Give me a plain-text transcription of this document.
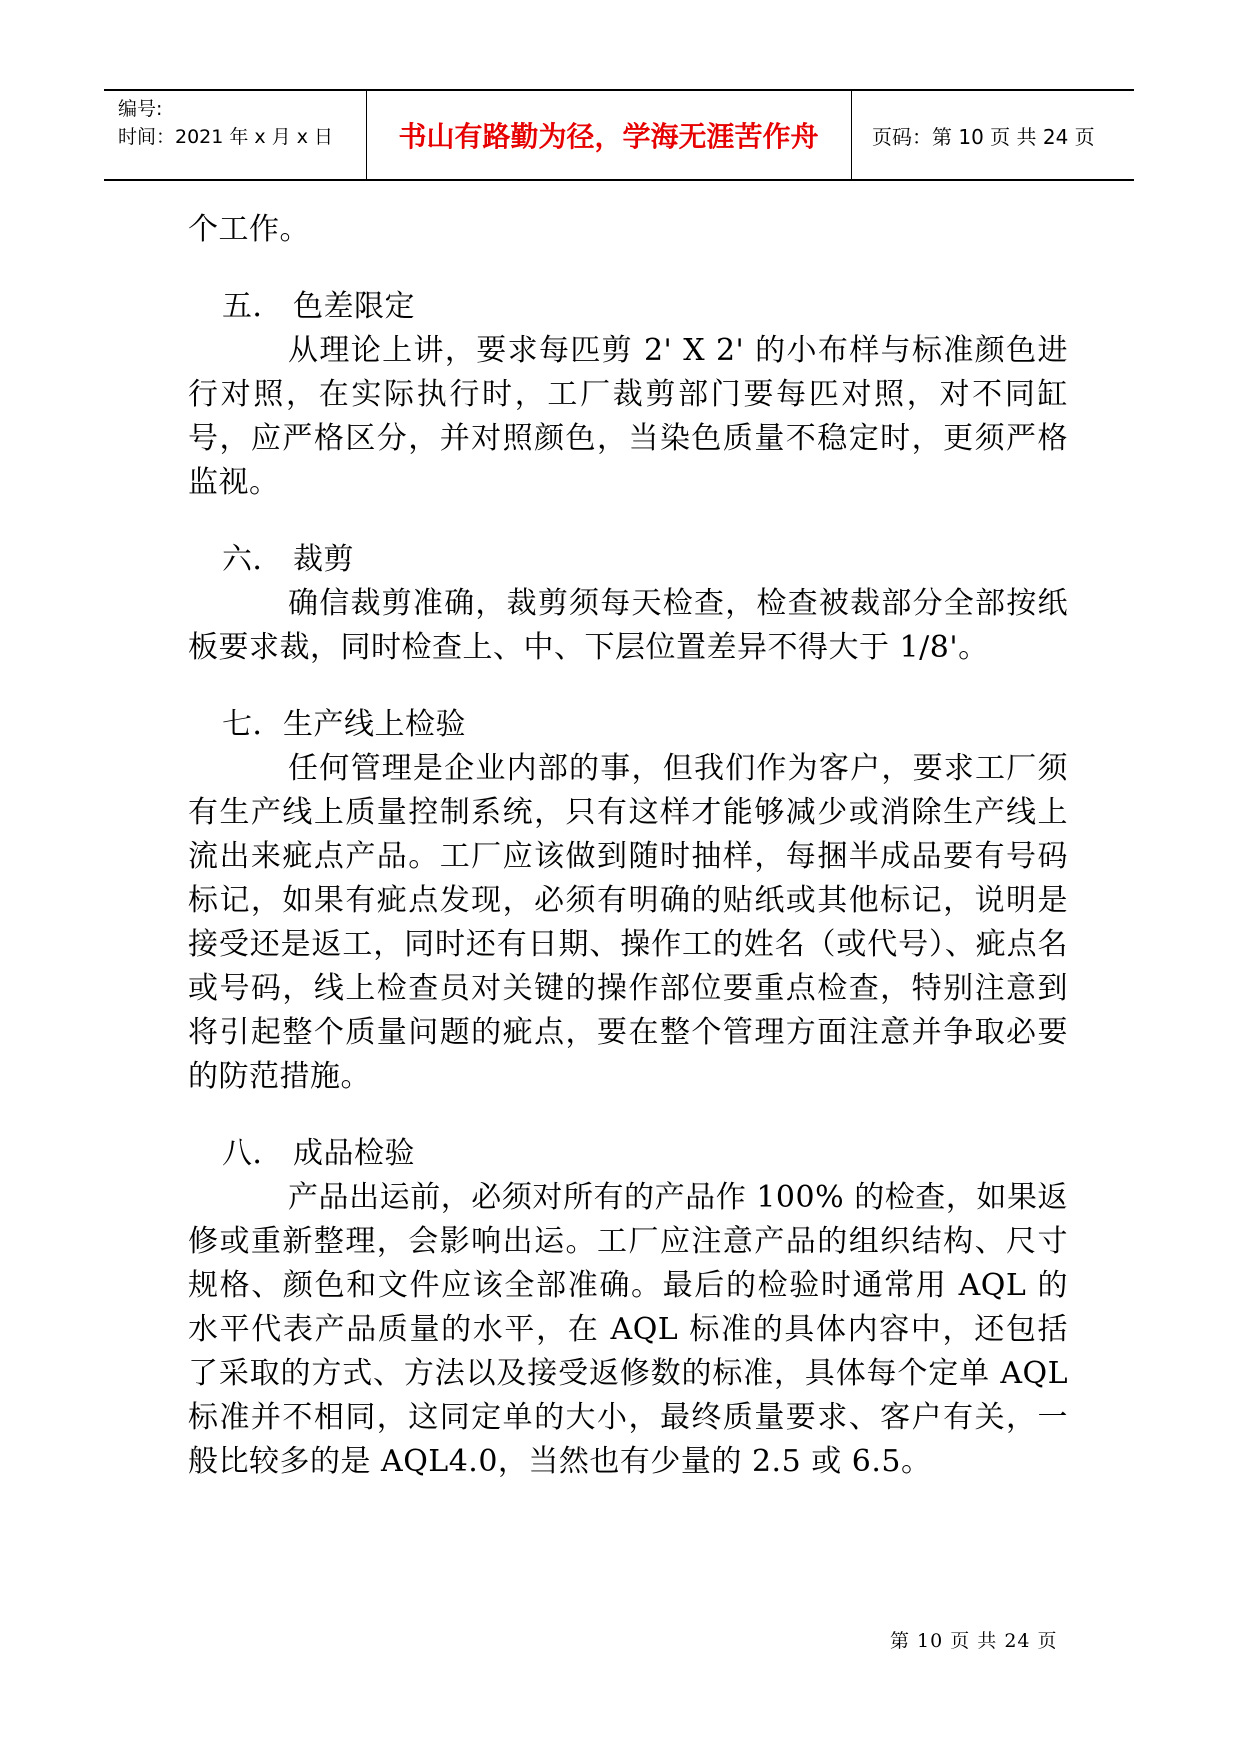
编号:
时间：2021 年 x 月 x 日	书山有路勤为径，学海无涯苦作舟	页码：第 10 页 共 24 页

个工作。

五． 色差限定

从理论上讲，要求每匹剪 2' X 2' 的小布样与标准颜色进行对照，在实际执行时，工厂裁剪部门要每匹对照，对不同缸号，应严格区分，并对照颜色，当染色质量不稳定时，更须严格监视。

六． 裁剪

确信裁剪准确，裁剪须每天检查，检查被裁部分全部按纸板要求裁，同时检查上、中、下层位置差异不得大于 1/8'。

七．生产线上检验

任何管理是企业内部的事，但我们作为客户，要求工厂须有生产线上质量控制系统，只有这样才能够减少或消除生产线上流出来疵点产品。工厂应该做到随时抽样，每捆半成品要有号码标记，如果有疵点发现，必须有明确的贴纸或其他标记，说明是接受还是返工，同时还有日期、操作工的姓名（或代号）、疵点名或号码，线上检查员对关键的操作部位要重点检查，特别注意到将引起整个质量问题的疵点，要在整个管理方面注意并争取必要的防范措施。

八． 成品检验

产品出运前，必须对所有的产品作 100% 的检查，如果返修或重新整理，会影响出运。工厂应注意产品的组织结构、尺寸规格、颜色和文件应该全部准确。最后的检验时通常用 AQL 的水平代表产品质量的水平，在 AQL 标准的具体内容中，还包括了采取的方式、方法以及接受返修数的标准，具体每个定单 AQL 标准并不相同，这同定单的大小，最终质量要求、客户有关，一般比较多的是 AQL4.0，当然也有少量的 2.5 或 6.5。

第 10 页 共 24 页
